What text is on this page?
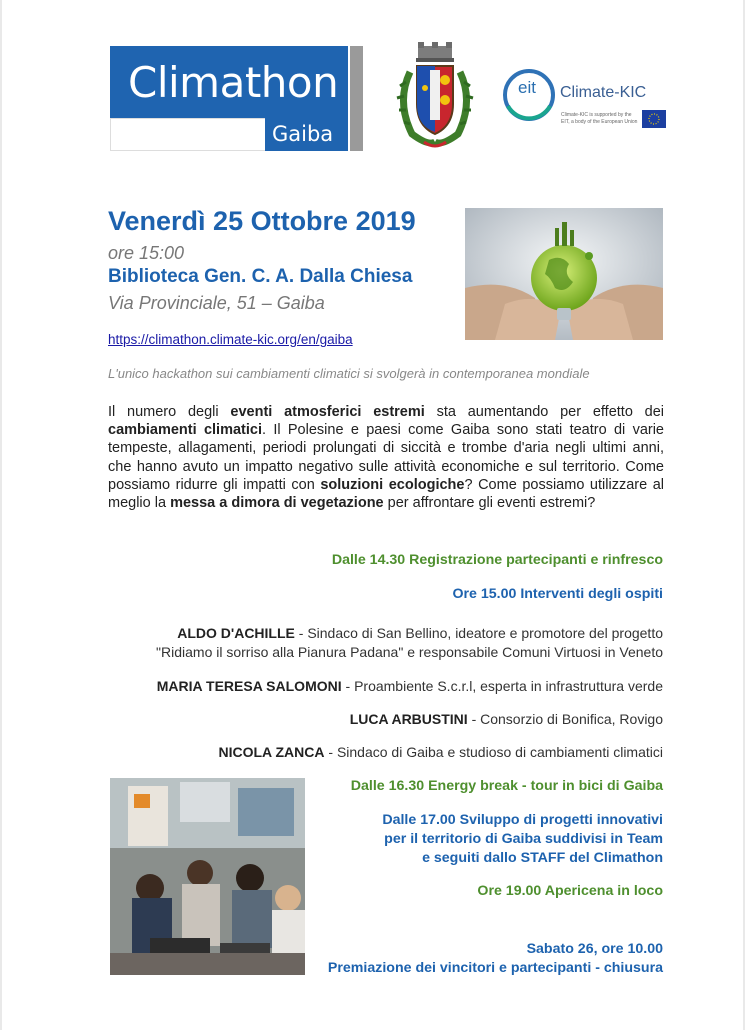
Climathon
Gaiba
eit Climate-KIC
Climate-KIC is supported by the
EIT, a body of the European Union
Venerdì 25 Ottobre 2019
ore 15:00
Biblioteca Gen. C. A. Dalla Chiesa
Via Provinciale, 51 – Gaiba
https://climathon.climate-kic.org/en/gaiba
L'unico hackathon sui cambiamenti climatici si svolgerà in contemporanea mondiale
Il numero degli eventi atmosferici estremi sta aumentando per effetto dei cambiamenti climatici. Il Polesine e paesi come Gaiba sono stati teatro di varie tempeste, allagamenti, periodi prolungati di siccità e trombe d'aria negli ultimi anni, che hanno avuto un impatto negativo sulle attività economiche e sul territorio. Come possiamo ridurre gli impatti con soluzioni ecologiche? Come possiamo utilizzare al meglio la messa a dimora di vegetazione per affrontare gli eventi estremi?
Dalle 14.30 Registrazione partecipanti e rinfresco
Ore 15.00 Interventi degli ospiti
ALDO D'ACHILLE - Sindaco di San Bellino, ideatore e promotore del progetto
"Ridiamo il sorriso alla Pianura Padana" e responsabile Comuni Virtuosi in Veneto
MARIA TERESA SALOMONI - Proambiente S.c.r.l, esperta in infrastruttura verde
LUCA ARBUSTINI - Consorzio di Bonifica, Rovigo
NICOLA ZANCA - Sindaco di Gaiba e studioso di cambiamenti climatici
Dalle 16.30 Energy break - tour in bici di Gaiba
Dalle 17.00 Sviluppo di progetti innovativi
per il territorio di Gaiba suddivisi in Team
e seguiti dallo STAFF del Climathon
Ore 19.00 Apericena in loco
Sabato 26, ore 10.00
Premiazione dei vincitori e partecipanti - chiusura
